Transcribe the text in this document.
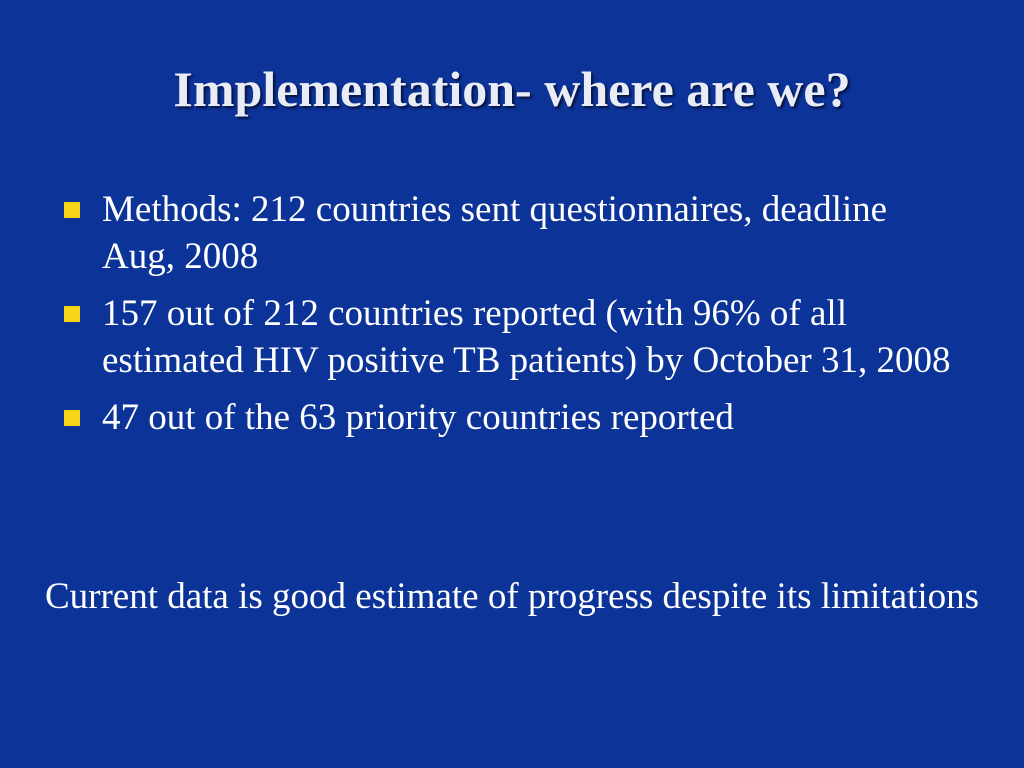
Implementation- where are we?
Methods: 212 countries sent questionnaires, deadline Aug, 2008
157 out of 212 countries reported (with 96% of all estimated HIV positive TB patients) by October 31, 2008
47 out of the 63 priority countries reported
Current data is good estimate of progress despite its limitations
